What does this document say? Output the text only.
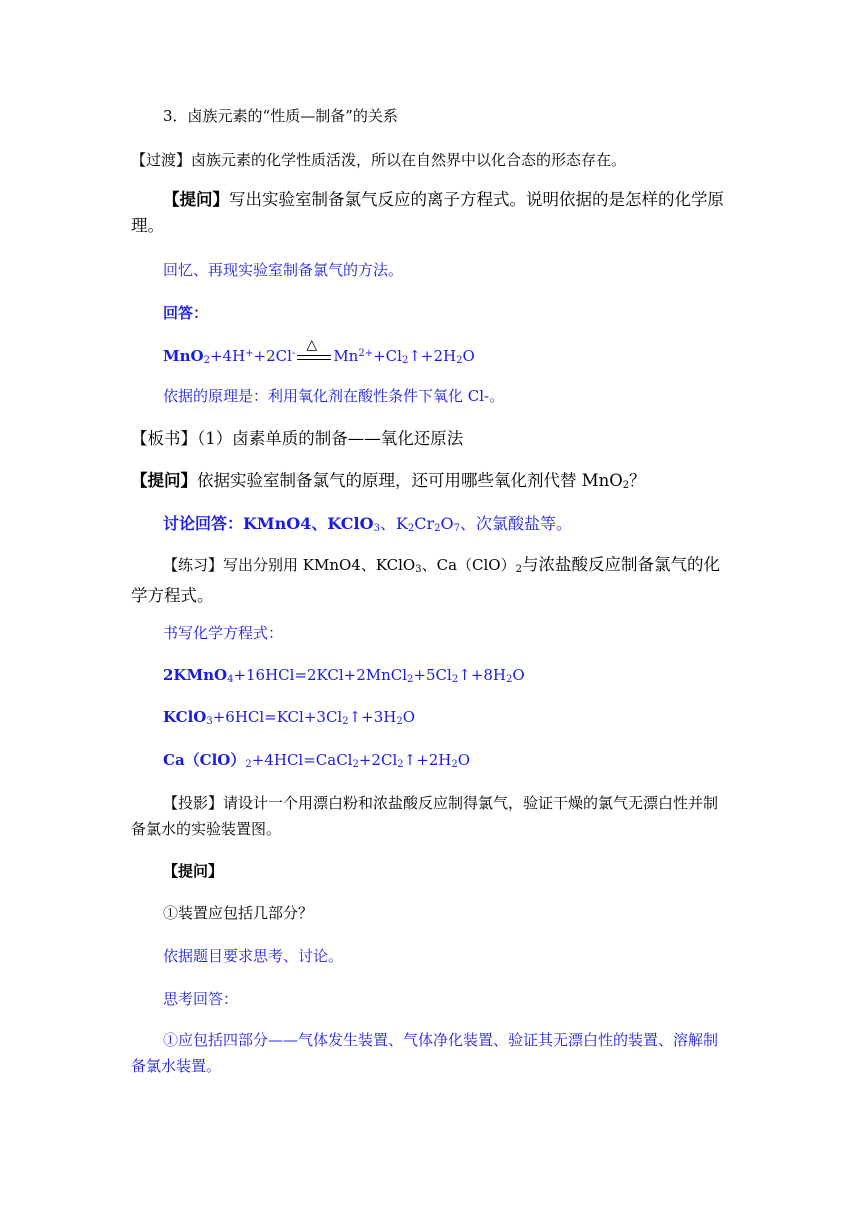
3．卤族元素的“性质—制备”的关系
【过渡】卤族元素的化学性质活泼，所以在自然界中以化合态的形态存在。
【提问】写出实验室制备氯气反应的离子方程式。说明依据的是怎样的化学原理。
回忆、再现实验室制备氯气的方法。
回答：
MnO$_2$+4H++2Cl-
△
$Mn^{2+}+Cl_2↑+2H_2O$
依据的原理是：利用氧化剂在酸性条件下氧化 Cl-。
【板书】（1）卤素单质的制备——氧化还原法
【提问】依据实验室制备氯气的原理，还可用哪些氧化剂代替 MnO$_2$？
讨论回答：KMnO4、KClO$_3$、$K_2Cr_2O_7$、次氯酸盐等。
【练习】写出分别用 KMnO4、KClO$_3$、$Ca(ClO)_2$与浓盐酸反应制备氯气的化学方程式。
书写化学方程式：
$2KMnO_4+16HCl=2KCl+2MnCl_2+5Cl_2↑+8H_2O$
$KClO_3+6HCl=KCl+3Cl_2↑+3H_2O$
$Ca(ClO)_2+4HCl=CaCl_2+2Cl_2↑+2H_2O$
【投影】请设计一个用漂白粉和浓盐酸反应制得氯气，验证干燥的氯气无漂白性并制备氯水的实验装置图。
【提问】
①装置应包括几部分？
依据题目要求思考、讨论。
思考回答：
①应包括四部分——气体发生装置、气体净化装置、验证其无漂白性的装置、溶解制备氯水装置。
